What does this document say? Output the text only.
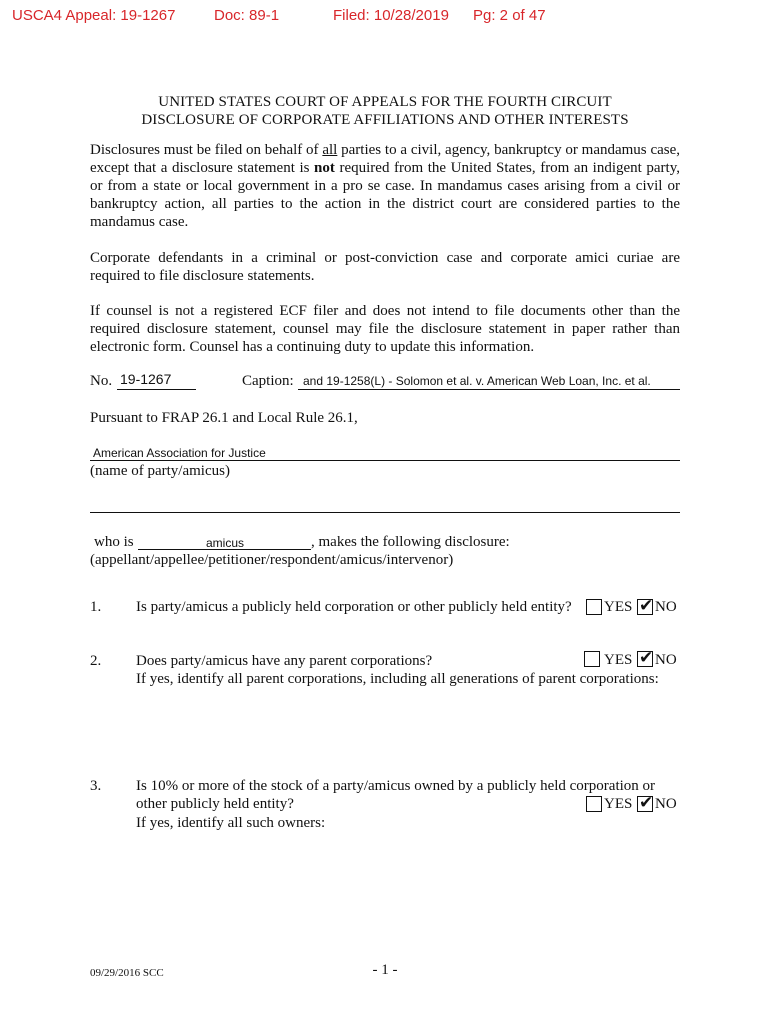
USCA4 Appeal: 19-1267	Doc: 89-1	Filed: 10/28/2019 Pg: 2 of 47
UNITED STATES COURT OF APPEALS FOR THE FOURTH CIRCUIT
DISCLOSURE OF CORPORATE AFFILIATIONS AND OTHER INTERESTS
Disclosures must be filed on behalf of all parties to a civil, agency, bankruptcy or mandamus case, except that a disclosure statement is not required from the United States, from an indigent party, or from a state or local government in a pro se case. In mandamus cases arising from a civil or bankruptcy action, all parties to the action in the district court are considered parties to the mandamus case.
Corporate defendants in a criminal or post-conviction case and corporate amici curiae are required to file disclosure statements.
If counsel is not a registered ECF filer and does not intend to file documents other than the required disclosure statement, counsel may file the disclosure statement in paper rather than electronic form. Counsel has a continuing duty to update this information.
No. 19-1267	Caption: and 19-1258(L) - Solomon et al. v. American Web Loan, Inc. et al.
Pursuant to FRAP 26.1 and Local Rule 26.1,
American Association for Justice
(name of party/amicus)
who is	amicus	, makes the following disclosure:
(appellant/appellee/petitioner/respondent/amicus/intervenor)
1. Is party/amicus a publicly held corporation or other publicly held entity? YES ✔ NO
2. Does party/amicus have any parent corporations?	YES ✔ NO
If yes, identify all parent corporations, including all generations of parent corporations:
3. Is 10% or more of the stock of a party/amicus owned by a publicly held corporation or
other publicly held entity?	YES ✔ NO
If yes, identify all such owners:
09/29/2016 SCC	- 1 -
